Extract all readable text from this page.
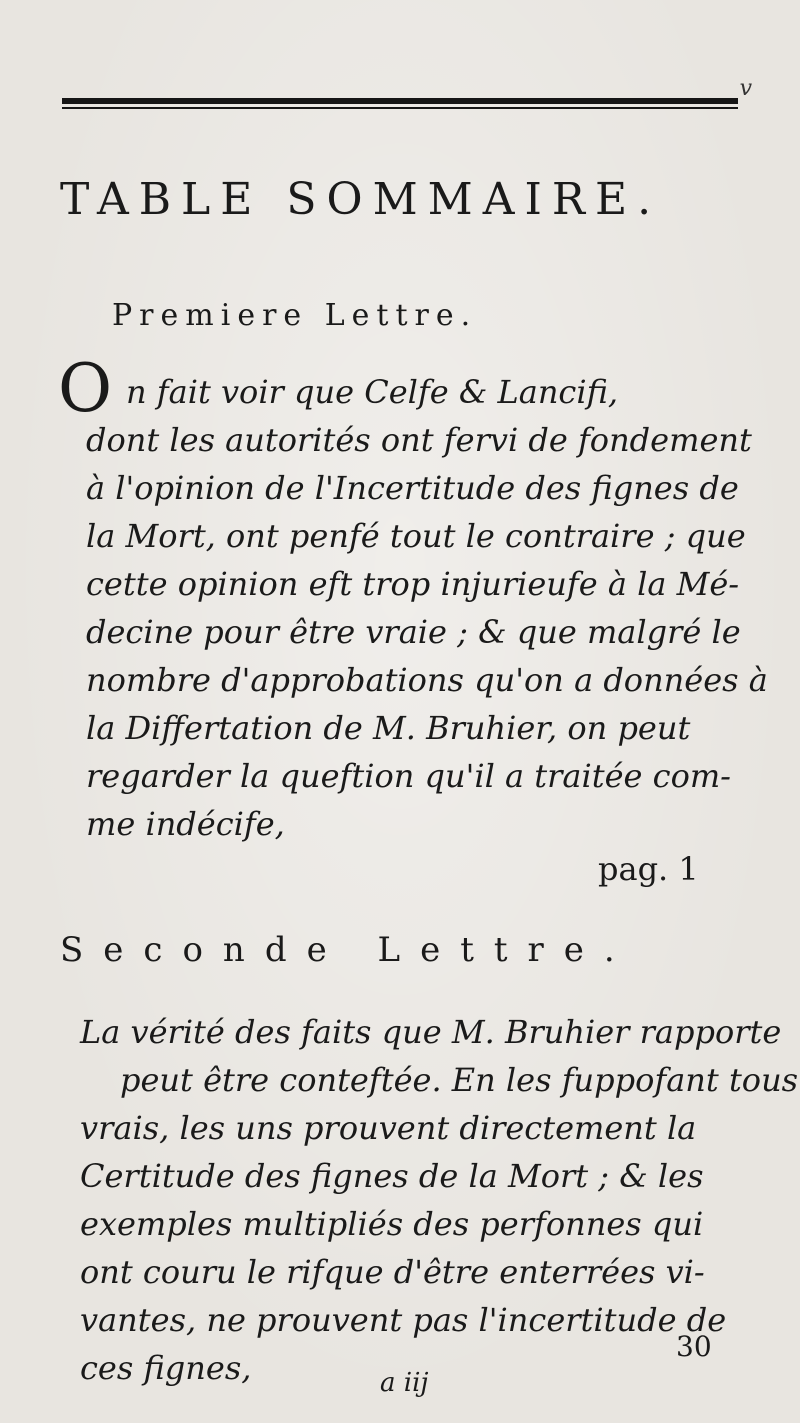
v
TABLE SOMMAIRE.
Premiere Lettre.
O n fait voir que Celfe & Lancifi,
dont les autorités ont fervi de fondement
à l'opinion de l'Incertitude des fignes de
la Mort, ont penfé tout le contraire ; que
cette opinion eft trop injurieufe à la Mé-
decine pour être vraie ; & que malgré le
nombre d'approbations qu'on a données à
la Differtation de M. Bruhier, on peut
regarder la queftion qu'il a traitée com-
me indécife,
pag. 1
Seconde Lettre.
La vérité des faits que M. Bruhier rapporte
peut être conteftée. En les fuppofant tous
vrais, les uns prouvent directement la
Certitude des fignes de la Mort ; & les
exemples multipliés des perfonnes qui
ont couru le rifque d'être enterrées vi-
vantes, ne prouvent pas l'incertitude de
ces fignes,
30
a iij
